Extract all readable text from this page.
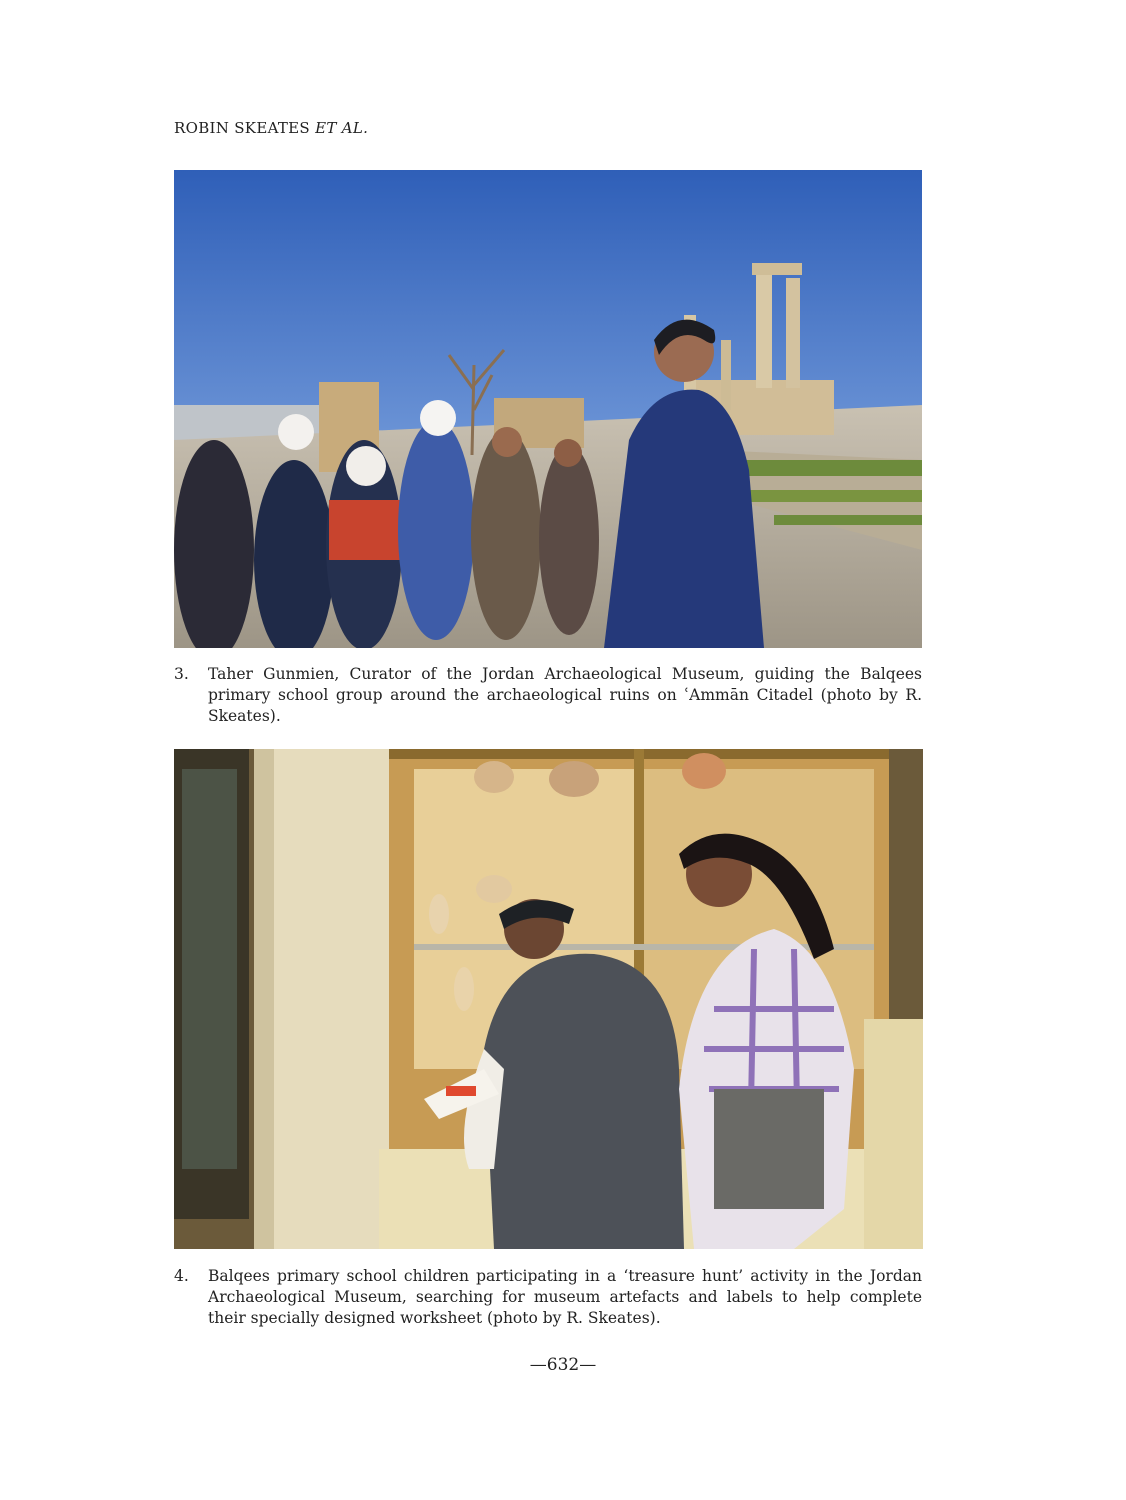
ROBIN SKEATES ET AL.
3.	Taher Gunmien, Curator of the Jordan Archaeological Museum, guiding the Balqees primary school group around the archaeological ruins on ʿAmmān Citadel (photo by R. Skeates).
4.	Balqees primary school children participating in a ‘treasure hunt’ activity in the Jordan Archaeological Museum, searching for museum artefacts and labels to help complete their specially designed worksheet (photo by R. Skeates).
—632—
